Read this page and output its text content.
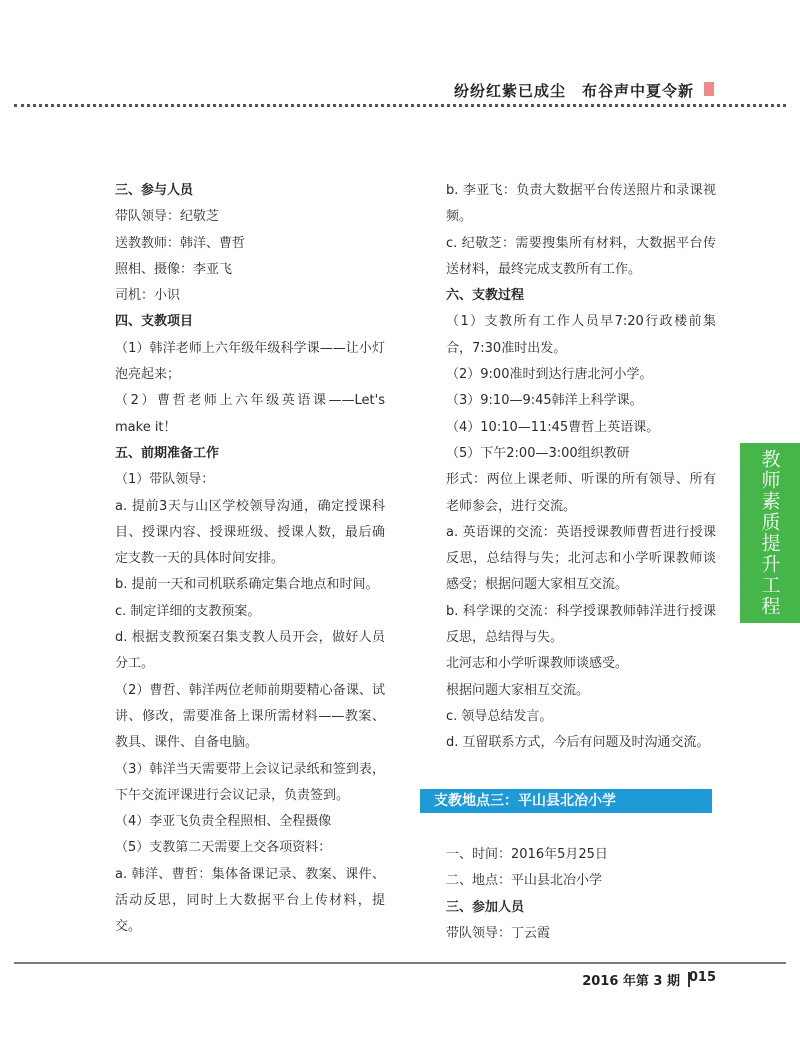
纷纷红紫已成尘　布谷声中夏令新

三、参与人员

带队领导：纪敬芝

送教教师：韩洋、曹哲

照相、摄像：李亚飞

司机：小识

四、支教项目

（1）韩洋老师上六年级年级科学课——让小灯泡亮起来；

（2）曹哲老师上六年级英语课——Let's make it！

五、前期准备工作

（1）带队领导：

a. 提前3天与山区学校领导沟通，确定授课科目、授课内容、授课班级、授课人数，最后确定支教一天的具体时间安排。

b. 提前一天和司机联系确定集合地点和时间。

c. 制定详细的支教预案。

d. 根据支教预案召集支教人员开会，做好人员分工。

（2）曹哲、韩洋两位老师前期要精心备课、试讲、修改，需要准备上课所需材料——教案、教具、课件、自备电脑。

（3）韩洋当天需要带上会议记录纸和签到表，下午交流评课进行会议记录，负责签到。

（4）李亚飞负责全程照相、全程摄像

（5）支教第二天需要上交各项资料：

a. 韩洋、曹哲：集体备课记录、教案、课件、活动反思，同时上大数据平台上传材料，提交。

b. 李亚飞：负责大数据平台传送照片和录课视频。

c. 纪敬芝：需要搜集所有材料，大数据平台传送材料，最终完成支教所有工作。

六、支教过程

（1）支教所有工作人员早7:20行政楼前集合，7:30准时出发。

（2）9:00准时到达行唐北河小学。

（3）9:10—9:45韩洋上科学课。

（4）10:10—11:45曹哲上英语课。

（5）下午2:00—3:00组织教研

形式：两位上课老师、听课的所有领导、所有老师参会，进行交流。

a. 英语课的交流：英语授课教师曹哲进行授课反思，总结得与失；北河志和小学听课教师谈感受；根据问题大家相互交流。

b. 科学课的交流：科学授课教师韩洋进行授课反思，总结得与失。

北河志和小学听课教师谈感受。

根据问题大家相互交流。

c. 领导总结发言。

d. 互留联系方式，今后有问题及时沟通交流。

支教地点三：平山县北冶小学

一、时间：2016年5月25日

二、地点：平山县北冶小学

三、参加人员

带队领导：丁云霞

教师素质提升工程
2016 年第 3 期 015
